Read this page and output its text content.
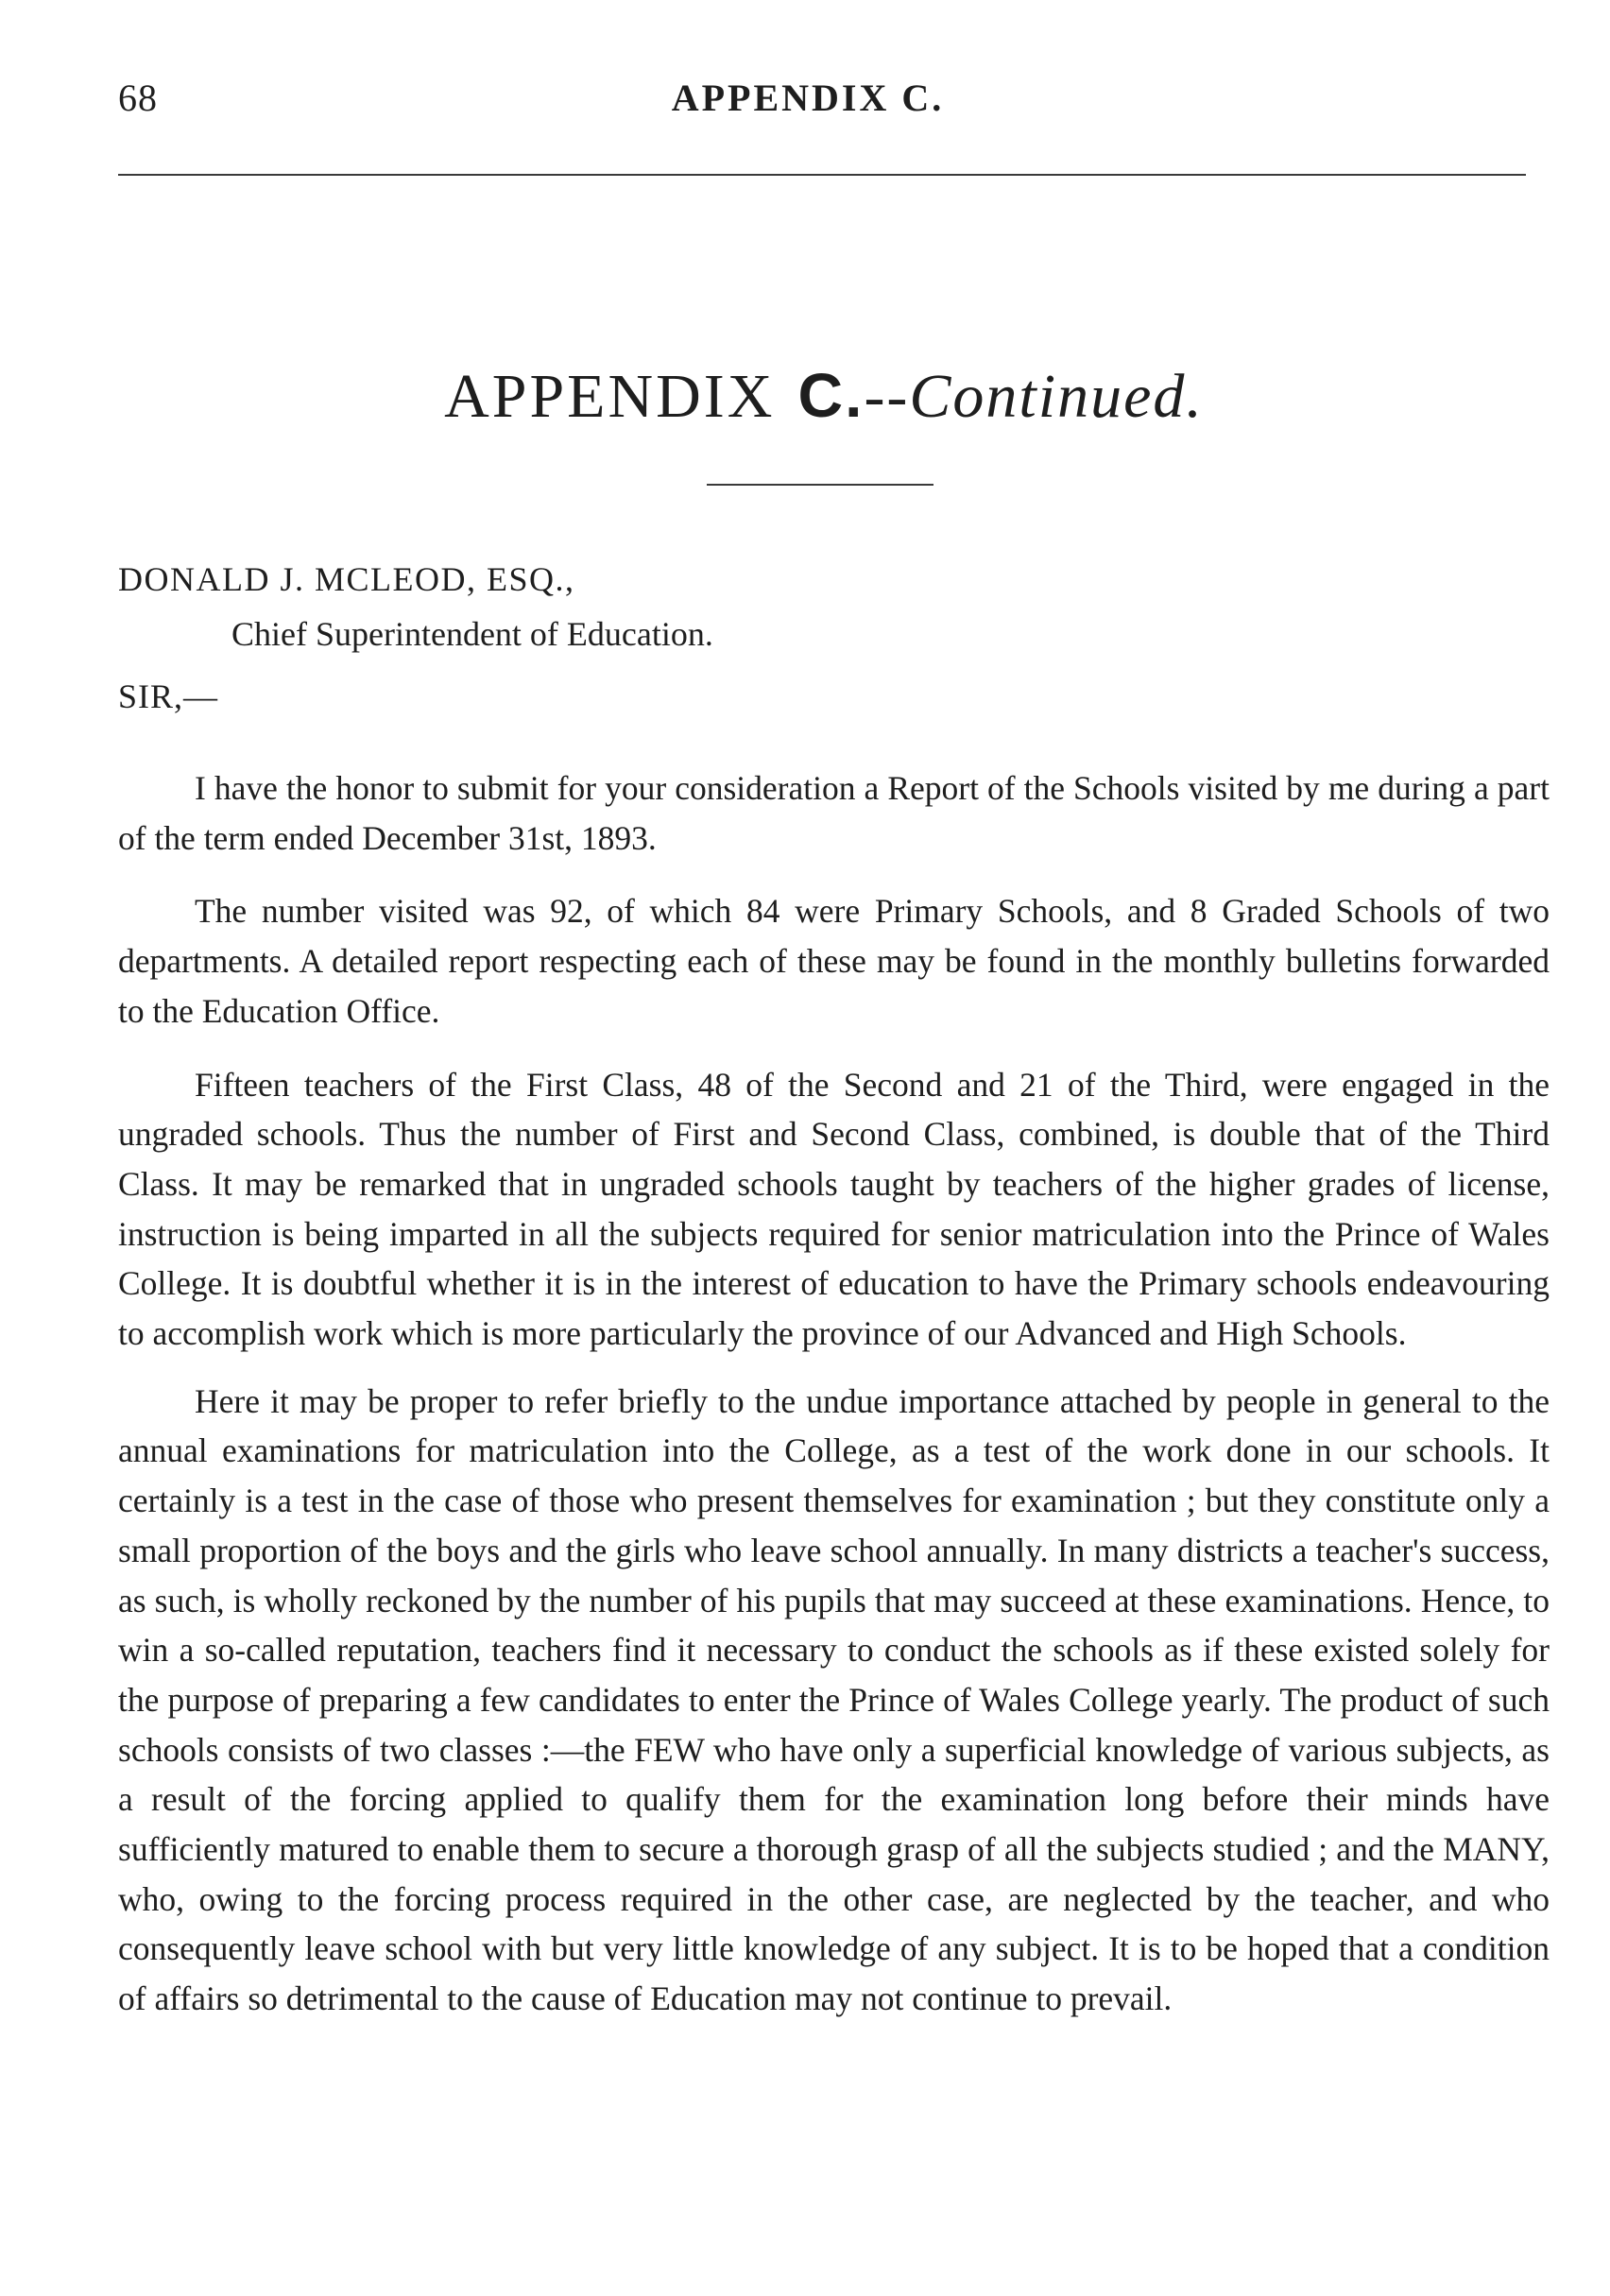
68	APPENDIX C.
APPENDIX C.--Continued.
DONALD J. MCLEOD, ESQ.,
Chief Superintendent of Education.
SIR,—

I have the honor to submit for your consideration a Report of the Schools visited by me during a part of the term ended December 31st, 1893.

The number visited was 92, of which 84 were Primary Schools, and 8 Graded Schools of two departments. A detailed report respecting each of these may be found in the monthly bulletins forwarded to the Education Office.

Fifteen teachers of the First Class, 48 of the Second and 21 of the Third, were engaged in the ungraded schools. Thus the number of First and Second Class, combined, is double that of the Third Class. It may be remarked that in ungraded schools taught by teachers of the higher grades of license, instruction is being imparted in all the subjects required for senior matriculation into the Prince of Wales College. It is doubtful whether it is in the interest of education to have the Primary schools endeavouring to accomplish work which is more particularly the province of our Advanced and High Schools.

Here it may be proper to refer briefly to the undue importance attached by people in general to the annual examinations for matriculation into the College, as a test of the work done in our schools. It certainly is a test in the case of those who present themselves for examination ; but they constitute only a small proportion of the boys and the girls who leave school annually. In many districts a teacher's success, as such, is wholly reckoned by the number of his pupils that may succeed at these examinations. Hence, to win a so-called reputation, teachers find it necessary to conduct the schools as if these existed solely for the purpose of preparing a few candidates to enter the Prince of Wales College yearly. The product of such schools consists of two classes :—the FEW who have only a superficial knowledge of various subjects, as a result of the forcing applied to qualify them for the examination long before their minds have sufficiently matured to enable them to secure a thorough grasp of all the subjects studied ; and the MANY, who, owing to the forcing process required in the other case, are neglected by the teacher, and who consequently leave school with but very little knowledge of any subject. It is to be hoped that a condition of affairs so detrimental to the cause of Education may not continue to prevail.
